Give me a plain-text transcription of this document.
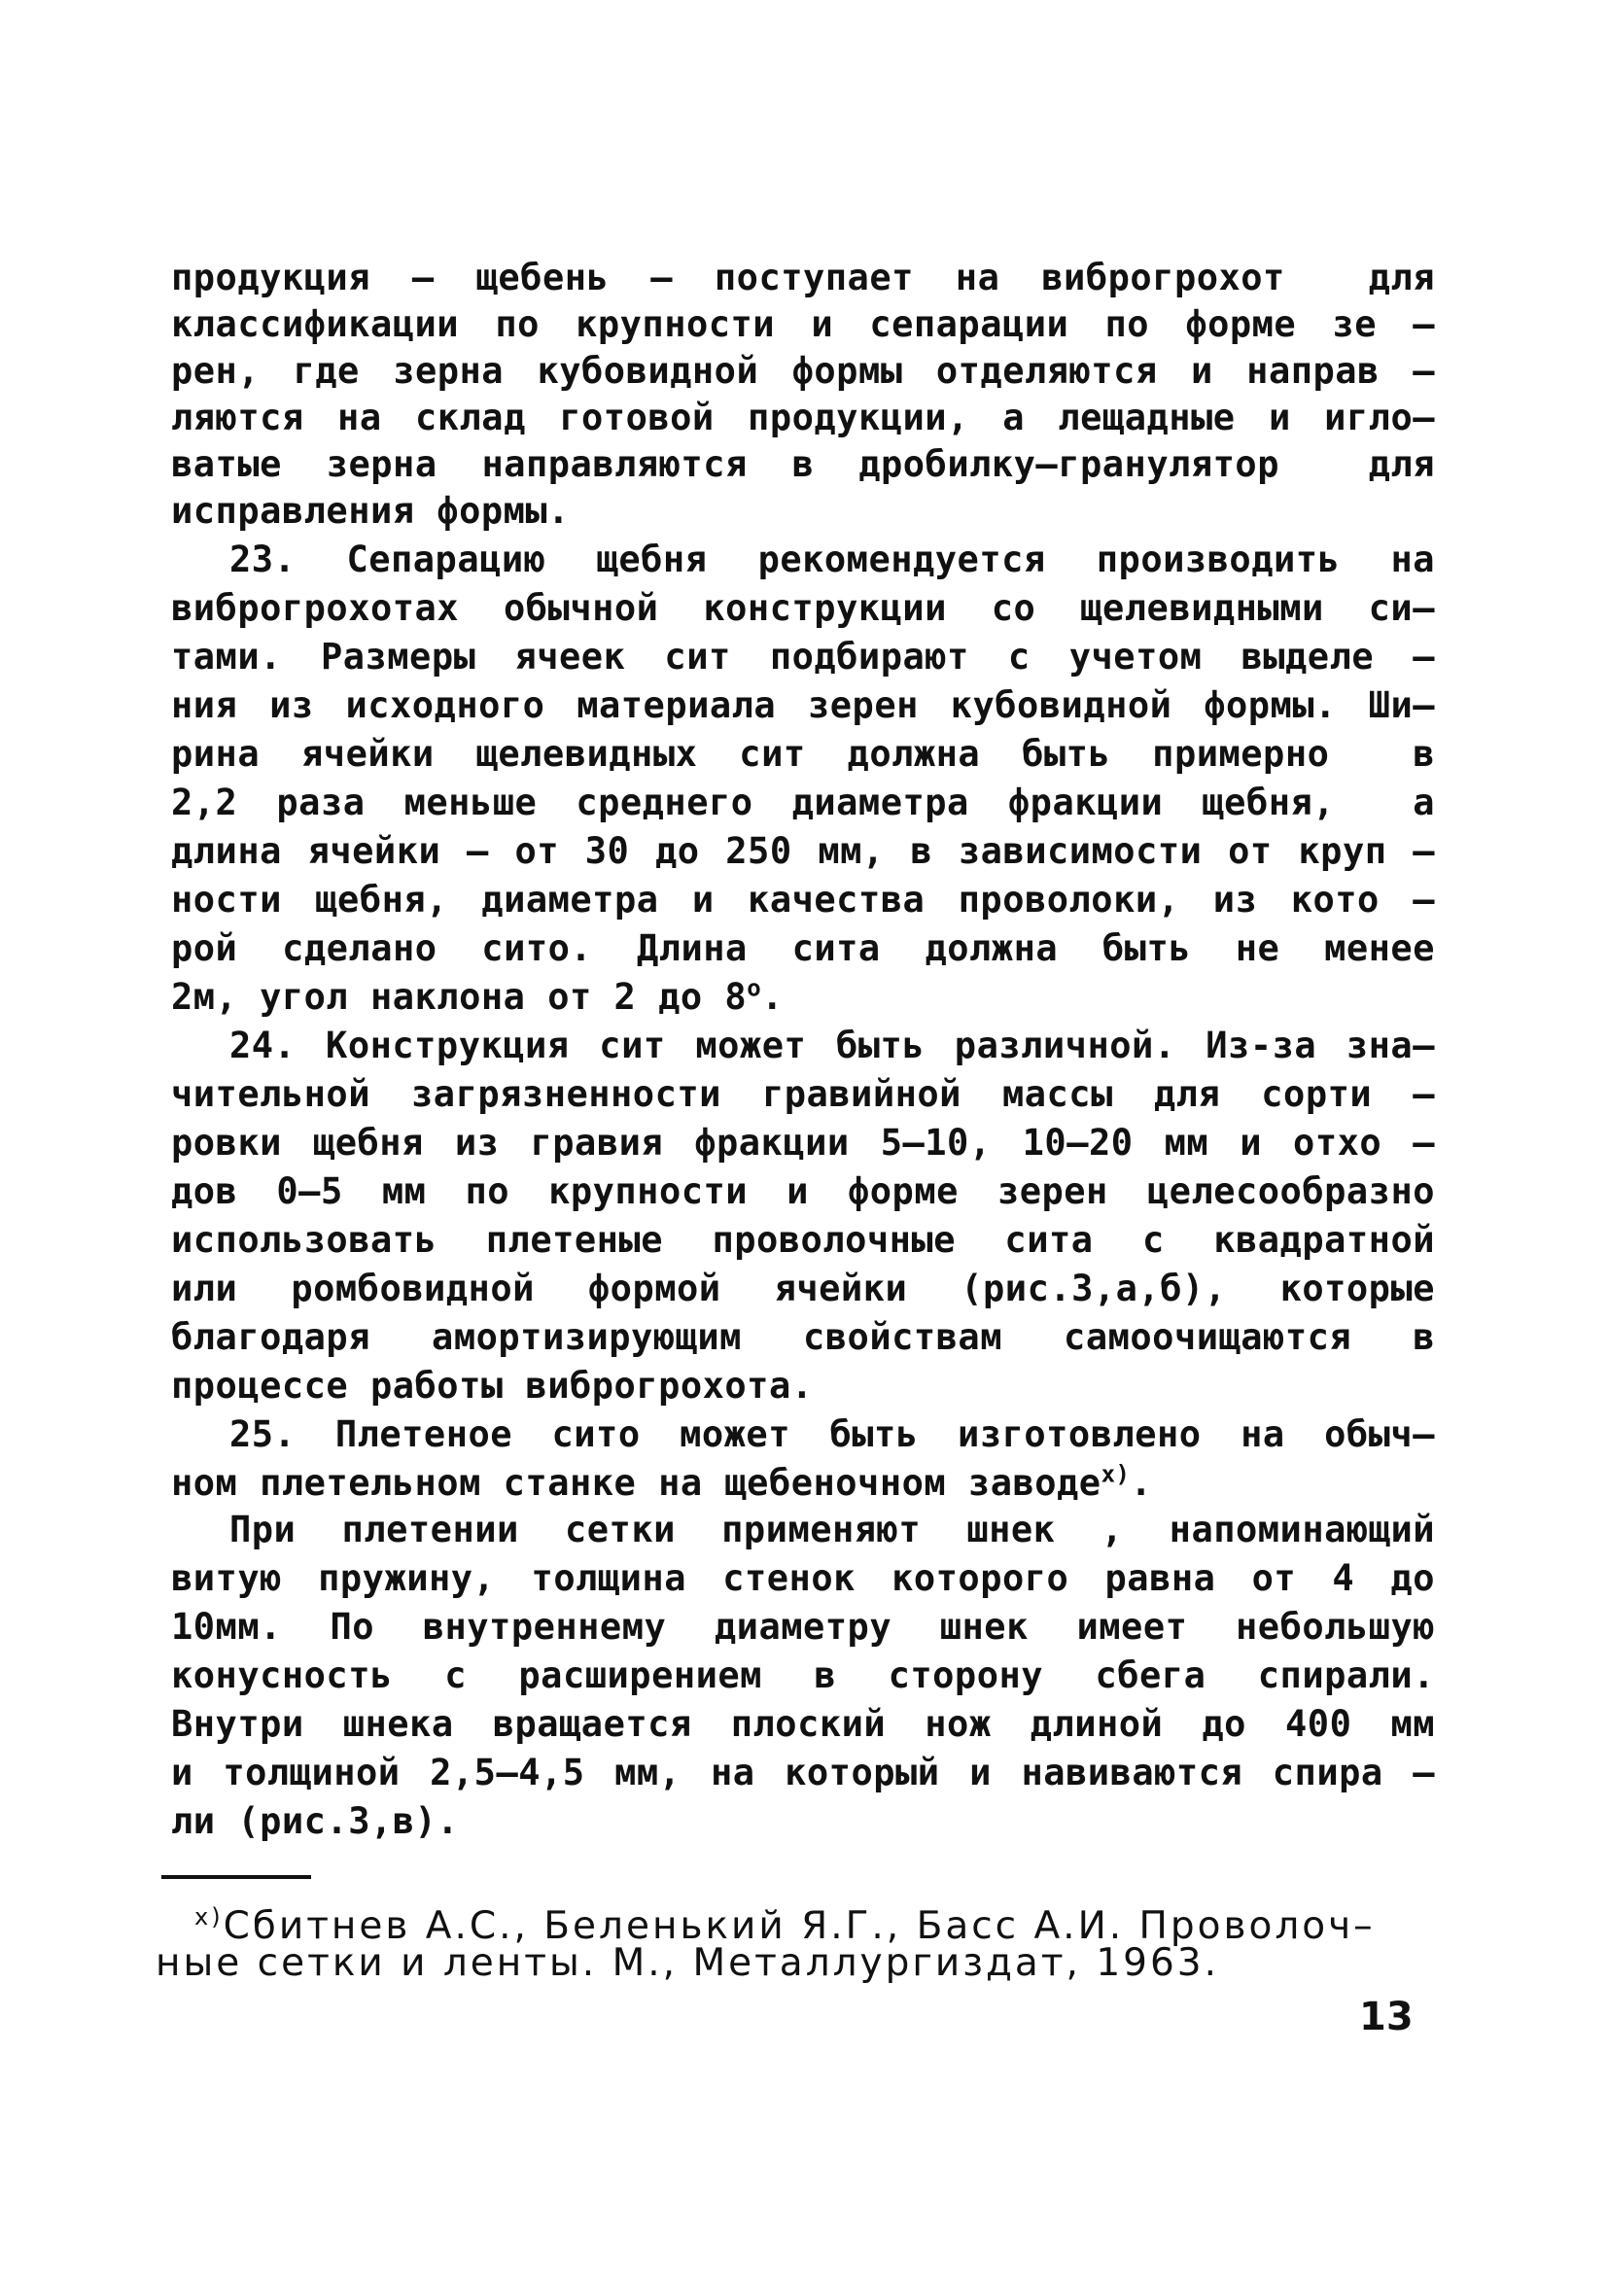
продукция – щебень – поступает на виброгрохот  для
классификации по крупности и сепарации по форме зе –
рен, где зерна кубовидной формы отделяются и направ –
ляются на склад готовой продукции, а лещадные и игло–
ватые зерна направляются в дробилку–гранулятор  для
исправления формы.
23. Сепарацию щебня рекомендуется производить на
виброгрохотах обычной конструкции со щелевидными си–
тами. Размеры ячеек сит подбирают с учетом выделе –
ния из исходного материала зерен кубовидной формы. Ши–
рина ячейки щелевидных сит должна быть примерно  в
2,2 раза меньше среднего диаметра фракции щебня,  а
длина ячейки – от 30 до 250 мм, в зависимости от круп –
ности щебня, диаметра и качества проволоки, из кото –
рой сделано сито. Длина сита должна быть не менее
2м, угол наклона от 2 до $8^о$.
24. Конструкция сит может быть различной. Из-за зна–
чительной загрязненности гравийной массы для сорти –
ровки щебня из гравия фракции 5–10, 10–20 мм и отхо –
дов 0–5 мм по крупности и форме зерен целесообразно
использовать плетеные проволочные сита с квадратной
или ромбовидной формой ячейки (рис.3,а,б), которые
благодаря амортизирующим свойствам самоочищаются в
процессе работы виброгрохота.
25. Плетеное сито может быть изготовлено на обыч–
ном плетельном станке на щебеночном заводе$^{х)}$.
При плетении сетки применяют шнек , напоминающий
витую пружину, толщина стенок которого равна от 4 до
10мм. По внутреннему диаметру шнек имеет небольшую
конусность с расширением в сторону сбега спирали.
Внутри шнека вращается плоский нож длиной до 400 мм
и толщиной 2,5–4,5 мм, на который и навиваются спира –
ли (рис.3,в).
$^{х)}$Сбитнев А.С., Беленький Я.Г., Басс А.И. Проволоч–
ные сетки и ленты. М., Металлургиздат, 1963.
13
